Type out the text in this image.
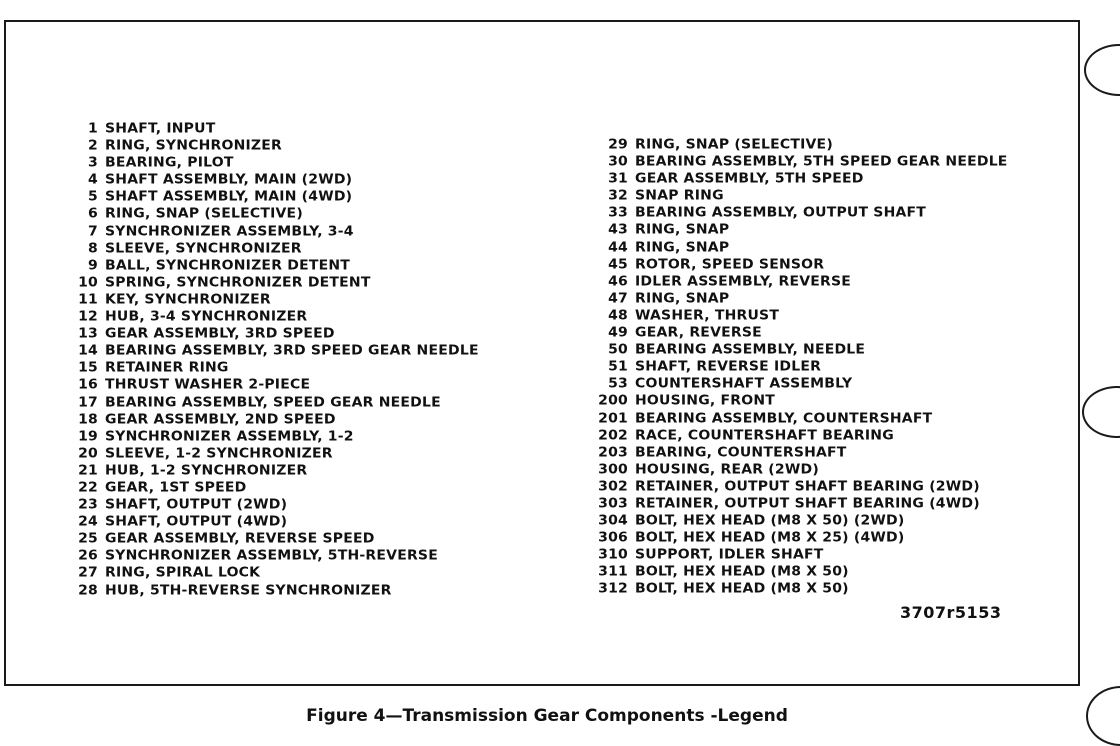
1 SHAFT, INPUT
2 RING, SYNCHRONIZER
3 BEARING, PILOT
4 SHAFT ASSEMBLY, MAIN (2WD)
5 SHAFT ASSEMBLY, MAIN (4WD)
6 RING, SNAP (SELECTIVE)
7 SYNCHRONIZER ASSEMBLY, 3-4
8 SLEEVE, SYNCHRONIZER
9 BALL, SYNCHRONIZER DETENT
10 SPRING, SYNCHRONIZER DETENT
11 KEY, SYNCHRONIZER
12 HUB, 3-4 SYNCHRONIZER
13 GEAR ASSEMBLY, 3RD SPEED
14 BEARING ASSEMBLY, 3RD SPEED GEAR NEEDLE
15 RETAINER RING
16 THRUST WASHER 2-PIECE
17 BEARING ASSEMBLY, SPEED GEAR NEEDLE
18 GEAR ASSEMBLY, 2ND SPEED
19 SYNCHRONIZER ASSEMBLY, 1-2
20 SLEEVE, 1-2 SYNCHRONIZER
21 HUB, 1-2 SYNCHRONIZER
22 GEAR, 1ST SPEED
23 SHAFT, OUTPUT (2WD)
24 SHAFT, OUTPUT (4WD)
25 GEAR ASSEMBLY, REVERSE SPEED
26 SYNCHRONIZER ASSEMBLY, 5TH-REVERSE
27 RING, SPIRAL LOCK
28 HUB, 5TH-REVERSE SYNCHRONIZER
29 RING, SNAP (SELECTIVE)
30 BEARING ASSEMBLY, 5TH SPEED GEAR NEEDLE
31 GEAR ASSEMBLY, 5TH SPEED
32 SNAP RING
33 BEARING ASSEMBLY, OUTPUT SHAFT
43 RING, SNAP
44 RING, SNAP
45 ROTOR, SPEED SENSOR
46 IDLER ASSEMBLY, REVERSE
47 RING, SNAP
48 WASHER, THRUST
49 GEAR, REVERSE
50 BEARING ASSEMBLY, NEEDLE
51 SHAFT, REVERSE IDLER
53 COUNTERSHAFT ASSEMBLY
200 HOUSING, FRONT
201 BEARING ASSEMBLY, COUNTERSHAFT
202 RACE, COUNTERSHAFT BEARING
203 BEARING, COUNTERSHAFT
300 HOUSING, REAR (2WD)
302 RETAINER, OUTPUT SHAFT BEARING (2WD)
303 RETAINER, OUTPUT SHAFT BEARING (4WD)
304 BOLT, HEX HEAD (M8 X 50) (2WD)
306 BOLT, HEX HEAD (M8 X 25) (4WD)
310 SUPPORT, IDLER SHAFT
311 BOLT, HEX HEAD (M8 X 50)
312 BOLT, HEX HEAD (M8 X 50)
3707r5153
Figure 4—Transmission Gear Components -Legend
